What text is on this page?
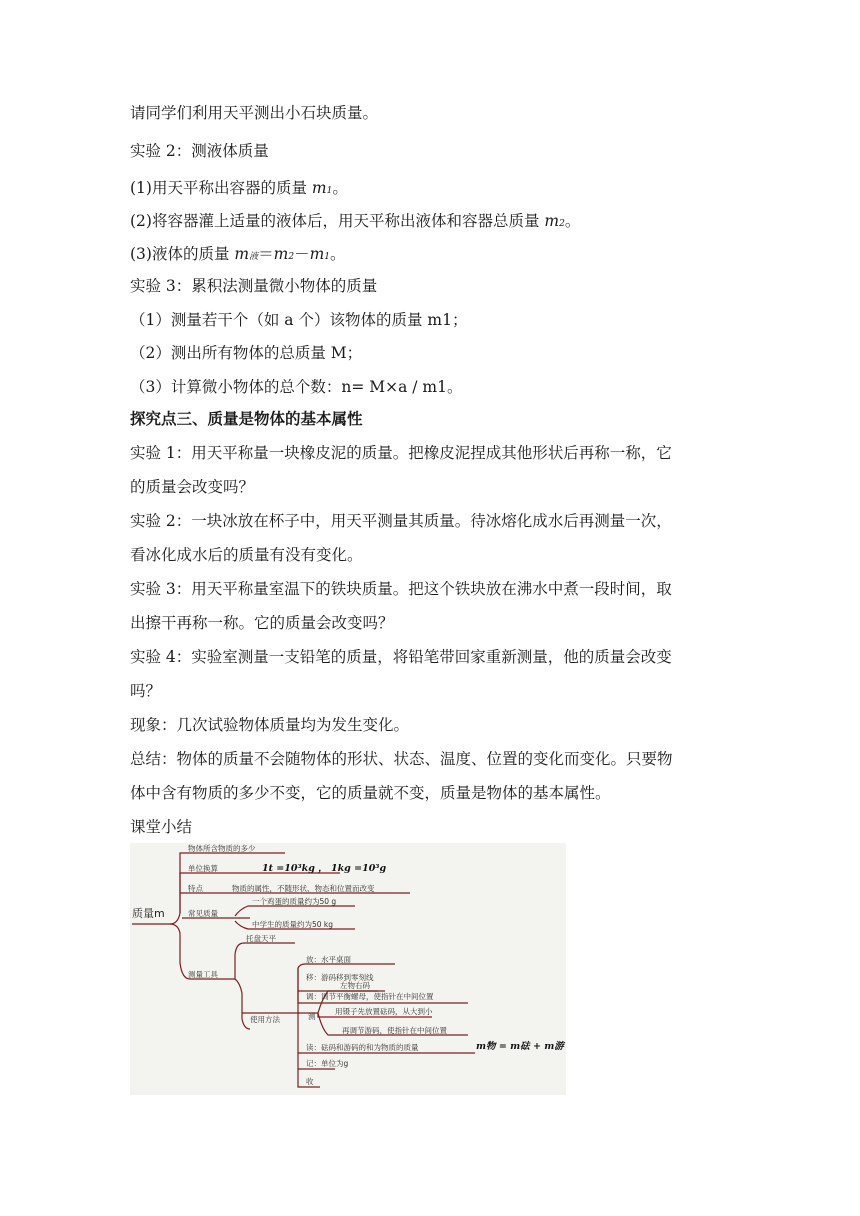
请同学们利用天平测出小石块质量。
实验 2：测液体质量
(1)用天平称出容器的质量 m1。
(2)将容器灌上适量的液体后，用天平称出液体和容器总质量 m2。
(3)液体的质量 m液＝m2－m1。
实验 3：累积法测量微小物体的质量
（1）测量若干个（如 a 个）该物体的质量 m1；
（2）测出所有物体的总质量 M；
（3）计算微小物体的总个数：n= M×a / m1。
探究点三、质量是物体的基本属性
实验 1：用天平称量一块橡皮泥的质量。把橡皮泥捏成其他形状后再称一称，它
的质量会改变吗？
实验 2：一块冰放在杯子中，用天平测量其质量。待冰熔化成水后再测量一次，
看冰化成水后的质量有没有变化。
实验 3：用天平称量室温下的铁块质量。把这个铁块放在沸水中煮一段时间，取
出擦干再称一称。它的质量会改变吗？
实验 4：实验室测量一支铅笔的质量，将铅笔带回家重新测量，他的质量会改变
吗？
现象：几次试验物体质量均为发生变化。
总结：物体的质量不会随物体的形状、状态、温度、位置的变化而变化。只要物
体中含有物质的多少不变，它的质量就不变，质量是物体的基本属性。
课堂小结
质量m
物体所含物质的多少
单位换算	1t =10³kg ， 1kg =10³g
特点	物质的属性，不随形状、物态和位置而改变
常见质量
一个鸡蛋的质量约为50 g
中学生的质量约为50 kg
测量工具
托盘天平
使用方法
放：水平桌面
移：游码移到零刻线
调：调节平衡螺母，使指针在中间位置
测
左物右码
用镊子先放置砝码，从大到小
再调节游码，使指针在中间位置
读：砝码和游码的和为物质的质量	m物 = m砝 + m游
记：单位为g
收
